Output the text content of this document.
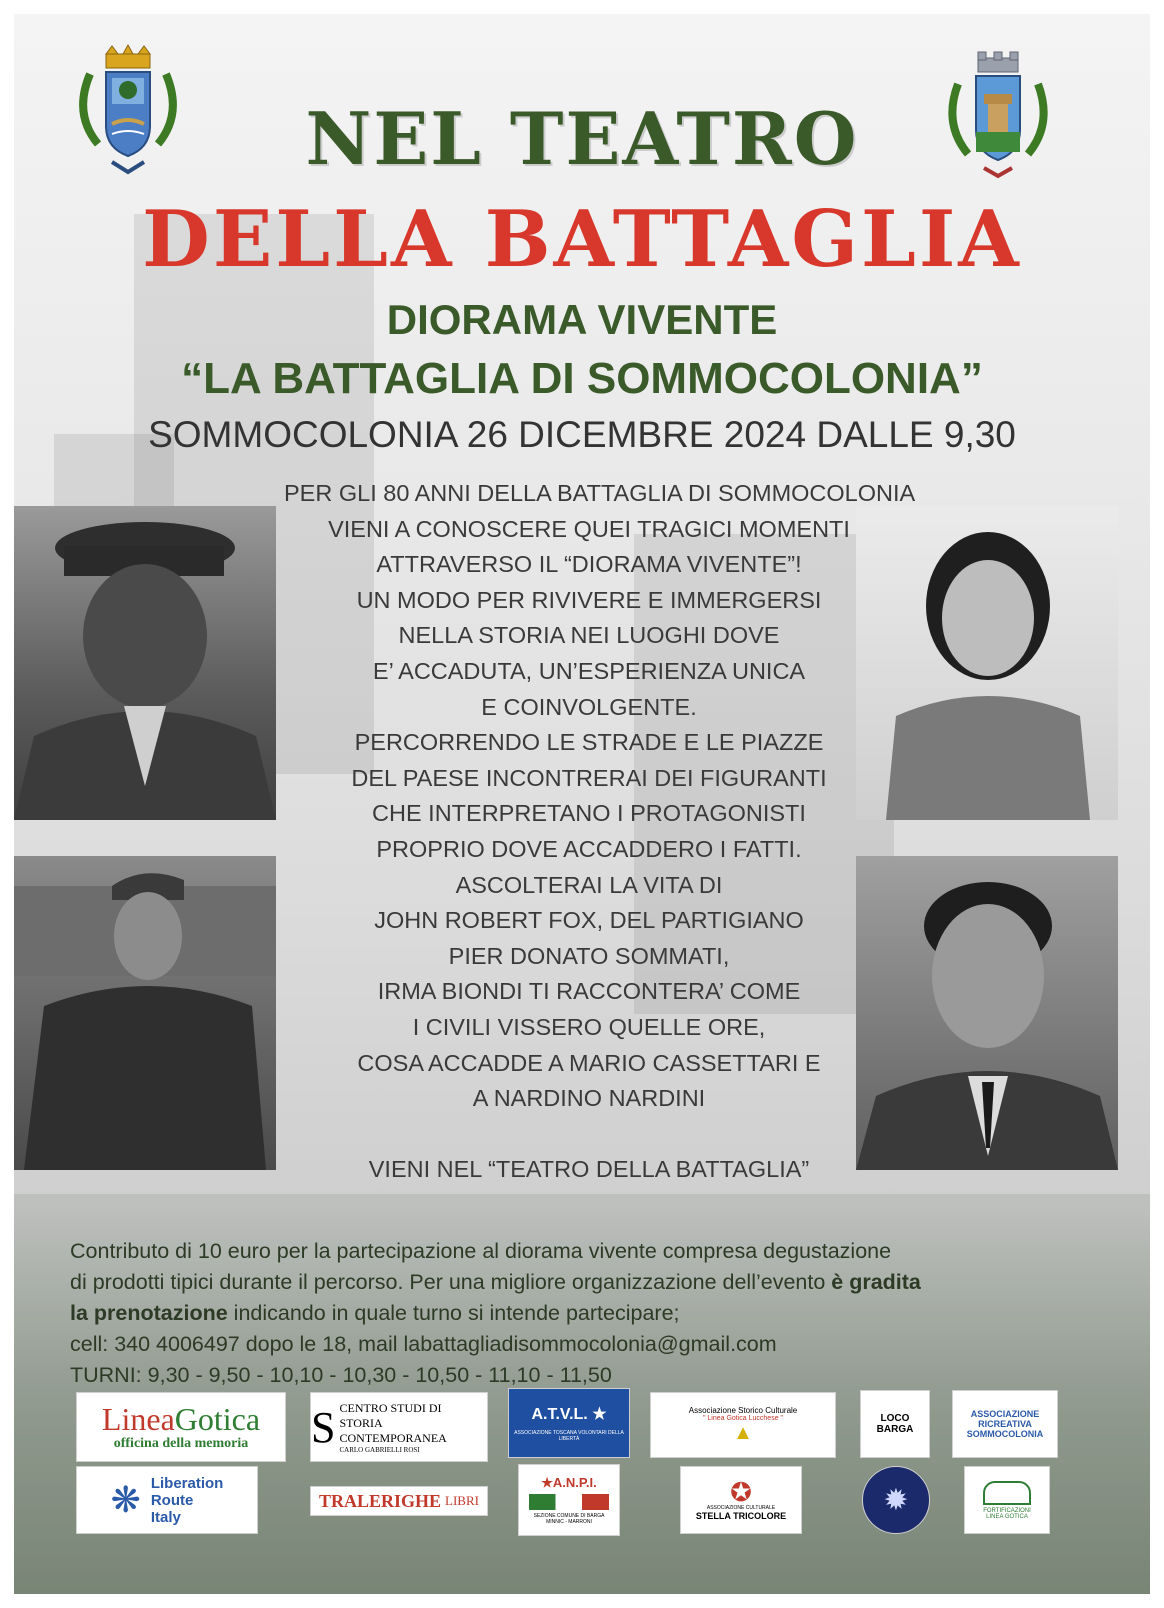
NEL TEATRO
DELLA BATTAGLIA
DIORAMA VIVENTE
“LA BATTAGLIA DI SOMMOCOLONIA”
SOMMOCOLONIA 26 DICEMBRE 2024 DALLE 9,30
PER GLI 80 ANNI DELLA BATTAGLIA DI SOMMOCOLONIA
VIENI A CONOSCERE QUEI TRAGICI MOMENTI
ATTRAVERSO IL “DIORAMA VIVENTE”!
UN MODO PER RIVIVERE E IMMERGERSI
NELLA STORIA NEI LUOGHI DOVE
E’ ACCADUTA, UN’ESPERIENZA UNICA
E COINVOLGENTE.
PERCORRENDO LE STRADE E LE PIAZZE
DEL PAESE INCONTRERAI DEI FIGURANTI
CHE INTERPRETANO I PROTAGONISTI
PROPRIO DOVE ACCADDERO I FATTI.
ASCOLTERAI LA VITA DI
JOHN ROBERT FOX, DEL PARTIGIANO
PIER DONATO SOMMATI,
IRMA BIONDI TI RACCONTERA’ COME
I CIVILI VISSERO QUELLE ORE,
COSA ACCADDE A MARIO CASSETTARI E
A NARDINO NARDINI
VIENI NEL “TEATRO DELLA BATTAGLIA”
Contributo di 10 euro per la partecipazione al diorama vivente compresa degustazione
di prodotti tipici durante il percorso. Per una migliore organizzazione dell’evento è gradita
la prenotazione indicando in quale turno si intende partecipare;
cell: 340 4006497 dopo le 18, mail labattagliadisommocolonia@gmail.com
TURNI: 9,30 - 9,50 - 10,10 - 10,30 - 10,50 - 11,10 - 11,50
LineaGotica
officina della memoria S CENTRO STUDI DI
STORIA CONTEMPORANEA
CARLO GABRIELLI ROSI
A.T.V.L. ★
ASSOCIAZIONE TOSCANA VOLONTARI DELLA LIBERTÀ
Associazione Storico Culturale
" Linea Gotica Lucchese "
▲
LOCO BARGA
ASSOCIAZIONE
RICREATIVA
SOMMOCOLONIA
❋ Liberation
Route
Italy
TRALERIGHE LIBRI
★A.N.P.I.
SEZIONE COMUNE DI BARGA
MINNIC - MARRONI
✪
ASSOCIAZIONE CULTURALE
STELLA TRICOLORE	✹	FORTIFICAZIONI
LINEA GOTICA
